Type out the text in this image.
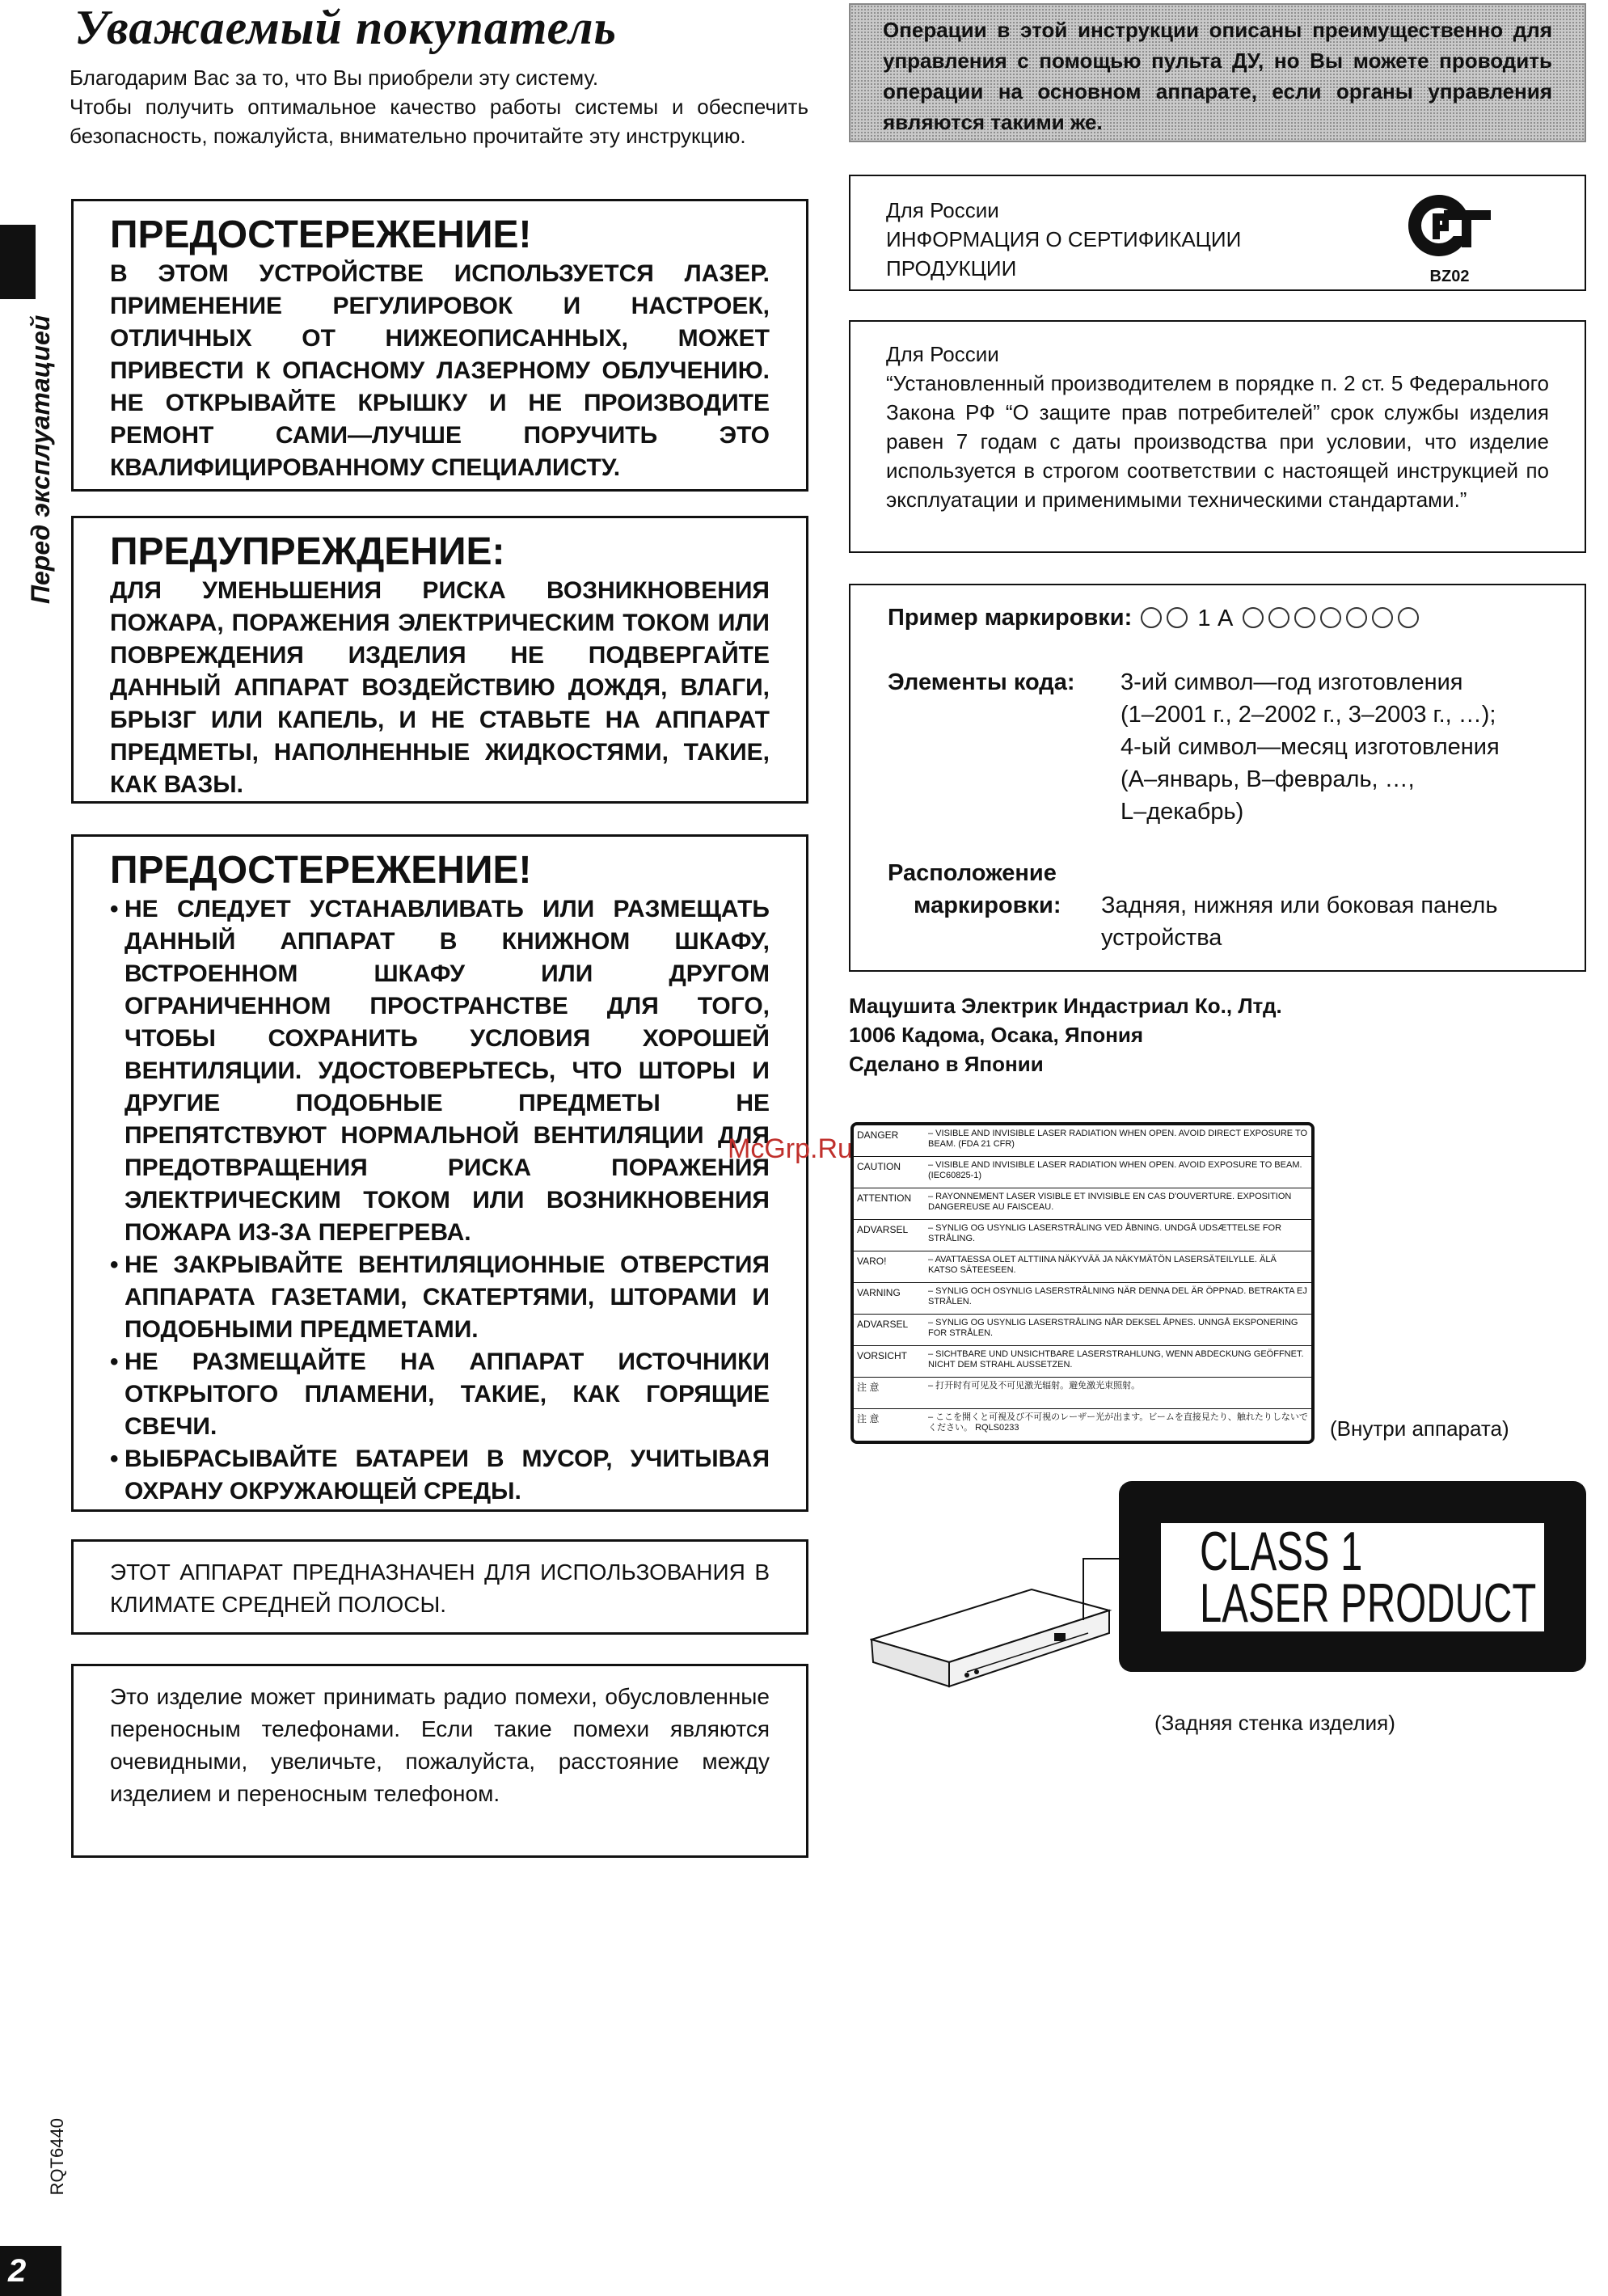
Уважаемый покупатель

Благодарим Вас за то, что Вы приобрели эту систему.

Чтобы получить оптимальное качество работы системы и обеспечить безопасность, пожалуйста, внимательно прочитайте эту инструкцию.

Перед эксплуатацией

ПРЕДОСТЕРЕЖЕНИЕ!

В ЭТОМ УСТРОЙСТВЕ ИСПОЛЬЗУЕТСЯ ЛАЗЕР. ПРИМЕНЕНИЕ РЕГУЛИРОВОК И НАСТРОЕК, ОТЛИЧНЫХ ОТ НИЖЕОПИСАННЫХ, МОЖЕТ ПРИВЕСТИ К ОПАСНОМУ ЛАЗЕРНОМУ ОБЛУЧЕНИЮ. НЕ ОТКРЫВАЙТЕ КРЫШКУ И НЕ ПРОИЗВОДИТЕ РЕМОНТ САМИ—ЛУЧШЕ ПОРУЧИТЬ ЭТО КВАЛИФИЦИРОВАННОМУ СПЕЦИАЛИСТУ.

ПРЕДУПРЕЖДЕНИЕ:

ДЛЯ УМЕНЬШЕНИЯ РИСКА ВОЗНИКНОВЕНИЯ ПОЖАРА, ПОРАЖЕНИЯ ЭЛЕКТРИЧЕСКИМ ТОКОМ ИЛИ ПОВРЕЖДЕНИЯ ИЗДЕЛИЯ НЕ ПОДВЕРГАЙТЕ ДАННЫЙ АППАРАТ ВОЗДЕЙСТВИЮ ДОЖДЯ, ВЛАГИ, БРЫЗГ ИЛИ КАПЕЛЬ, И НЕ СТАВЬТЕ НА АППАРАТ ПРЕДМЕТЫ, НАПОЛНЕННЫЕ ЖИДКОСТЯМИ, ТАКИЕ, КАК ВАЗЫ.

ПРЕДОСТЕРЕЖЕНИЕ!

• НЕ СЛЕДУЕТ УСТАНАВЛИВАТЬ ИЛИ РАЗМЕЩАТЬ ДАННЫЙ АППАРАТ В КНИЖНОМ ШКАФУ, ВСТРОЕННОМ ШКАФУ ИЛИ ДРУГОМ ОГРАНИЧЕННОМ ПРОСТРАНСТВЕ ДЛЯ ТОГО, ЧТОБЫ СОХРАНИТЬ УСЛОВИЯ ХОРОШЕЙ ВЕНТИЛЯЦИИ. УДОСТОВЕРЬТЕСЬ, ЧТО ШТОРЫ И ДРУГИЕ ПОДОБНЫЕ ПРЕДМЕТЫ НЕ ПРЕПЯТСТВУЮТ НОРМАЛЬНОЙ ВЕНТИЛЯЦИИ ДЛЯ ПРЕДОТВРАЩЕНИЯ РИСКА ПОРАЖЕНИЯ ЭЛЕКТРИЧЕСКИМ ТОКОМ ИЛИ ВОЗНИКНОВЕНИЯ ПОЖАРА ИЗ-ЗА ПЕРЕГРЕВА.
• НЕ ЗАКРЫВАЙТЕ ВЕНТИЛЯЦИОННЫЕ ОТВЕРСТИЯ АППАРАТА ГАЗЕТАМИ, СКАТЕРТЯМИ, ШТОРАМИ И ПОДОБНЫМИ ПРЕДМЕТАМИ.
• НЕ РАЗМЕЩАЙТЕ НА АППАРАТ ИСТОЧНИКИ ОТКРЫТОГО ПЛАМЕНИ, ТАКИЕ, КАК ГОРЯЩИЕ СВЕЧИ.
• ВЫБРАСЫВАЙТЕ БАТАРЕИ В МУСОР, УЧИТЫВАЯ ОХРАНУ ОКРУЖАЮЩЕЙ СРЕДЫ.
ЭТОТ АППАРАТ ПРЕДНАЗНАЧЕН ДЛЯ ИСПОЛЬЗОВАНИЯ В КЛИМАТЕ СРЕДНЕЙ ПОЛОСЫ.
Это изделие может принимать радио помехи, обусловленные переносным телефонами. Если такие помехи являются очевидными, увеличьте, пожалуйста, расстояние между изделием и переносным телефоном.
RQT6440
2
Операции в этой инструкции описаны преимущественно для управления с помощью пульта ДУ, но Вы можете проводить операции на основном аппарате, если органы управления являются такими же.
Для России
ИНФОРМАЦИЯ О СЕРТИФИКАЦИИ ПРОДУКЦИИ	BZ02

Для России

“Установленный производителем в порядке п. 2 ст. 5 Федерального Закона РФ “О защите прав потребителей” срок службы изделия равен 7 годам с даты производства при условии, что изделие используется в строгом соответствии с настоящей инструкцией по эксплуатации и применимыми техническими стандартами.”

Пример маркировки:	1 A
Элементы кода: 3-ий символ—год изготовления
(1–2001 г., 2–2002 г., 3–2003 г., …);
4-ый символ—месяц изготовления
(A–январь, B–февраль, …,
L–декабрь)
Расположение
маркировки: Задняя, нижняя или боковая панель
устройства
Мацушита Электрик Индастриал Ко., Лтд.
1006 Кадома, Осака, Япония
Сделано в Японии
McGrp.Ru DANGER	– VISIBLE AND INVISIBLE LASER RADIATION WHEN OPEN. AVOID DIRECT EXPOSURE TO BEAM. (FDA 21 CFR)
CAUTION	– VISIBLE AND INVISIBLE LASER RADIATION WHEN OPEN. AVOID EXPOSURE TO BEAM. (IEC60825-1)
ATTENTION	– RAYONNEMENT LASER VISIBLE ET INVISIBLE EN CAS D'OUVERTURE. EXPOSITION DANGEREUSE AU FAISCEAU.
ADVARSEL	– SYNLIG OG USYNLIG LASERSTRÅLING VED ÅBNING. UNDGÅ UDSÆTTELSE FOR STRÅLING.
VARO!	– AVATTAESSA OLET ALTTIINA NÄKYVÄÄ JA NÄKYMÄTÖN LASERSÄTEILYLLE. ÄLÄ KATSO SÄTEESEEN.
VARNING	– SYNLIG OCH OSYNLIG LASERSTRÅLNING NÄR DENNA DEL ÄR ÖPPNAD. BETRAKTA EJ STRÅLEN.
ADVARSEL	– SYNLIG OG USYNLIG LASERSTRÅLING NÅR DEKSEL ÅPNES. UNNGÅ EKSPONERING FOR STRÅLEN.
VORSICHT	– SICHTBARE UND UNSICHTBARE LASERSTRAHLUNG, WENN ABDECKUNG GEÖFFNET. NICHT DEM STRAHL AUSSETZEN.
注 意	– 打开时有可见及不可见激光辐射。避免激光束照射。
注 意	– ここを開くと可視及び不可視のレーザー光が出ます。ビームを直接見たり、触れたりしないでください。 RQLS0233	(Внутри аппарата)
CLASS 1
LASER PRODUCT
(Задняя стенка изделия)
